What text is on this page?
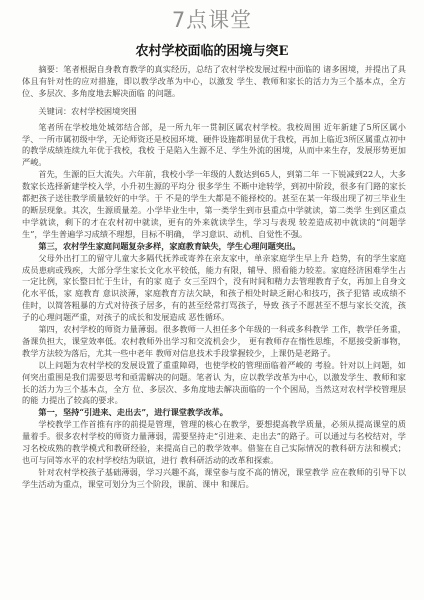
7点课堂
农村学校面临的困境与突E

摘要：笔者根据自身教育教学的真实经历，总结了农村学校发展过程中面临的 诸多困境，并提出了具体且有针对性的应对措施，即以教学改革为中心，以激发 学生、教师和家长的活力为三个基本点，全方位、多层次、多角度地去解决面临 的问题。

关键词：农村学校困境突围

笔者所在学校地处城郊结合部，是一所九年一贯制区属农村学校。我校周围 近年新建了5所区属小学、一所市属初级中学，无论师资还是校园环境、硬件设施都明显优于我校，再加上临近3所区属重点初中的教学成绩连续九年优于我校，我校 于是陷入生源不足、学生外流的困境，从而中来生存，发展形势更加严峻。

首先，生源的巨大流失。六年前，我校小学一年级的人数达到65人，到第二年 一下锐减到22人，大多数家长选择新建学校入学，小升初生源的平均分 很多学生 不断中途转学，到初中阶段，很多有门路的家长都把孩子送往教学质量较好的中学。于 不是的学生大都是不能择校的。甚至在某一年级出现了初三毕业生的断层现象。其次，生源质量差。小学毕业生中，第一类学生到市县重点中学就读，第二类学 生到区重点中学就读，剩下的才在农村初中就读，更有的外来就读学生，学习与表现 较差造成初中就读的“问题学生”，学生普遍学习成绩不理想，目标不明确， 学习意识、动机、自觉性不强。

第三，农村学生家庭问题复杂多样，家庭教育缺失，学生心理问题突出。

父母外出打工的留守儿童大多隔代抚养或寄养在亲友家中，单亲家庭学生早上升 趋势，有的学生家庭成员患病或残疾，大部分学生家长文化水平较低，能力有限，辅导、照看能力较差。家庭经济困难学生占一定比例，家长整日忙于生计，有的家 庭子 女三至四个，没有时间和精力去管理教育子女，再加上自身文化水平低，家 庭教育 意识淡薄，家庭教育方法欠缺，和孩子相处时缺乏耐心和技巧，孩子犯错 或成绩不佳时，以简答粗暴的方式对待孩子居多，有的甚至经常打骂孩子，导致 孩子不愿甚至不想与家长交流，孩子的心理问题严重，对孩子的成长和发展造成 恶性循环。

第四，农村学校的师资力量薄弱。很多教师一人担任多个年级的一科或多科教学 工作，教学任务重，备课负担大，课堂效率低。农村教师外出学习和交流机会少， 更有教师存在惰性思维，不愿接受新事物，教学方法较为落后，尤其一些中老年 教师对信息技术手段掌握较少，上课仍是老路子。

以上问题为农村学校的发展设置了重重障碍，也使学校的管理面临着严峻的 考验。针对以上问题，如何突出重围是我们需要思考和亟需解决的问题。笔者认 为，应以教学改革为中心，以激发学生、教师和家长的活力为三个基本点，全方 位、多层次、多角度地去解决面临的一个个困局，当然这对农村学校管理层的能 力提出了较高的要求。

第一，坚持“引进来、走出去”，进行课堂教学改革。

学校教学工作首推有序的前提是管理，管理的核心在教学，要想提高教学质量，必须从提高课堂的质量着手。很多农村学校的师资力量薄弱，需要坚持走“引进来、走出去”的路子。可以通过与名校结对，学习名校成熟的教学模式和教研经验，来提高自己的教学效率。借鉴在自己实际情况的教科研方法和模式；也可与同等水平的农村学校结为联谊，进行 教科研活动的改革和探索。

针对农村学校孩子基础薄弱，学习兴趣不高，课堂参与度不高的情况，课堂教学 应在教师的引导下以学生活动为重点，课堂可划分为三个阶段，课前、课中 和课后。
